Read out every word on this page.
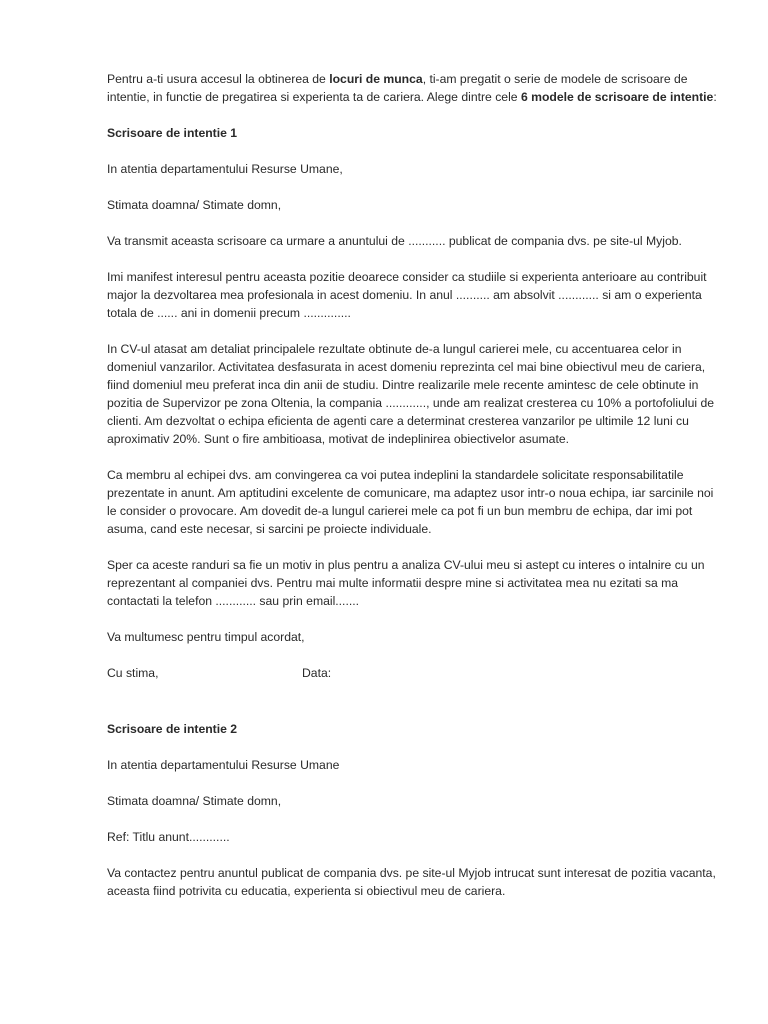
Pentru a-ti usura accesul la obtinerea de locuri de munca, ti-am pregatit o serie de modele de scrisoare de intentie, in functie de pregatirea si experienta ta de cariera. Alege dintre cele 6 modele de scrisoare de intentie:

Scrisoare de intentie 1

In atentia departamentului Resurse Umane,

Stimata doamna/ Stimate domn,

Va transmit aceasta scrisoare ca urmare a anuntului de ........... publicat de compania dvs. pe site-ul Myjob.

Imi manifest interesul pentru aceasta pozitie deoarece consider ca studiile si experienta anterioare au contribuit major la dezvoltarea mea profesionala in acest domeniu. In anul .......... am absolvit ............ si am o experienta totala de ...... ani in domenii precum ..............

In CV-ul atasat am detaliat principalele rezultate obtinute de-a lungul carierei mele, cu accentuarea celor in domeniul vanzarilor. Activitatea desfasurata in acest domeniu reprezinta cel mai bine obiectivul meu de cariera, fiind domeniul meu preferat inca din anii de studiu. Dintre realizarile mele recente amintesc de cele obtinute in pozitia de Supervizor pe zona Oltenia, la compania ............, unde am realizat cresterea cu 10% a portofoliului de clienti. Am dezvoltat o echipa eficienta de agenti care a determinat cresterea vanzarilor pe ultimile 12 luni cu aproximativ 20%. Sunt o fire ambitioasa, motivat de indeplinirea obiectivelor asumate.

Ca membru al echipei dvs. am convingerea ca voi putea indeplini la standardele solicitate responsabilitatile prezentate in anunt. Am aptitudini excelente de comunicare, ma adaptez usor intr-o noua echipa, iar sarcinile noi le consider o provocare. Am dovedit de-a lungul carierei mele ca pot fi un bun membru de echipa, dar imi pot asuma, cand este necesar, si sarcini pe proiecte individuale.

Sper ca aceste randuri sa fie un motiv in plus pentru a analiza CV-ului meu si astept cu interes o intalnire cu un reprezentant al companiei dvs. Pentru mai multe informatii despre mine si activitatea mea nu ezitati sa ma contactati la telefon ............ sau prin email.......

Va multumesc pentru timpul acordat,

Cu stima,	Data:

Scrisoare de intentie 2

In atentia departamentului Resurse Umane

Stimata doamna/ Stimate domn,

Ref: Titlu anunt............

Va contactez pentru anuntul publicat de compania dvs. pe site-ul Myjob intrucat sunt interesat de pozitia vacanta, aceasta fiind potrivita cu educatia, experienta si obiectivul meu de cariera.
